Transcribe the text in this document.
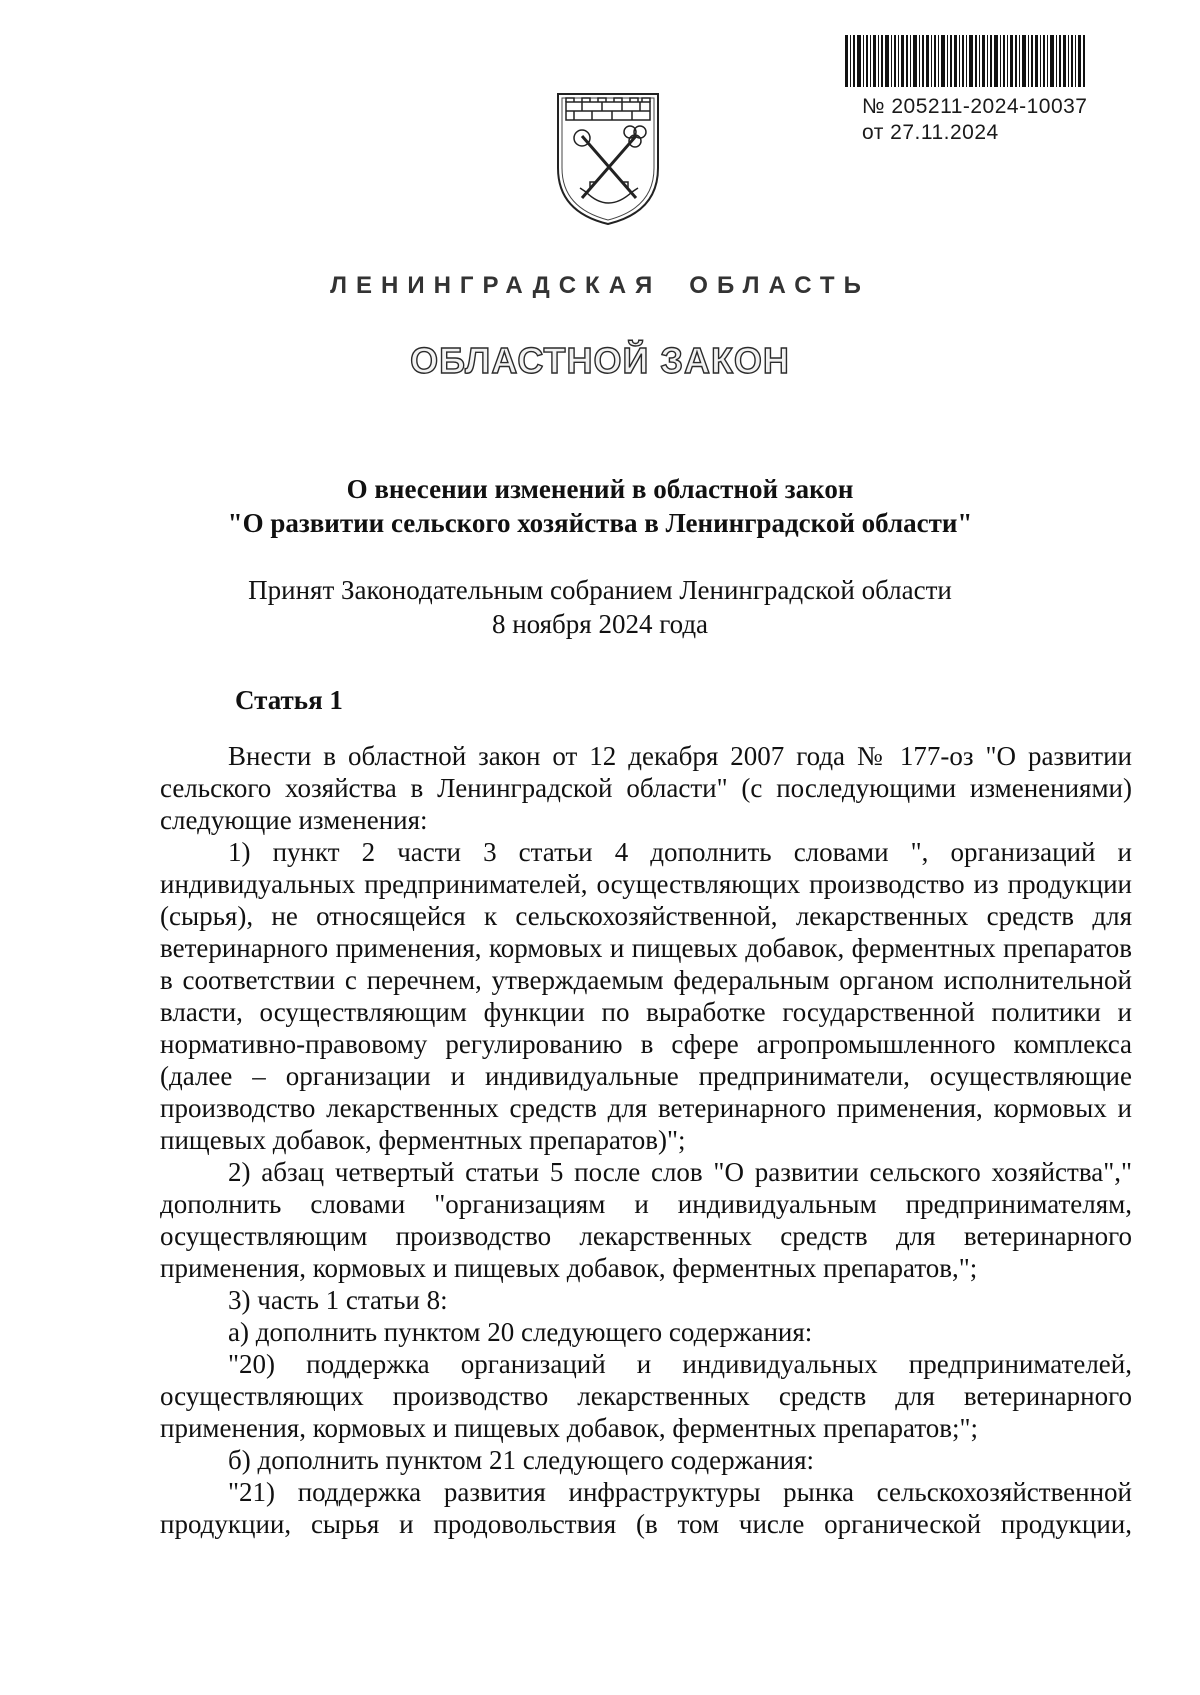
№ 205211-2024-10037
от 27.11.2024
ЛЕНИНГРАДСКАЯ ОБЛАСТЬ
ОБЛАСТНОЙ ЗАКОН
О внесении изменений в областной закон
"О развитии сельского хозяйства в Ленинградской области"
Принят Законодательным собранием Ленинградской области
8 ноября 2024 года
Статья 1

Внести в областной закон от 12 декабря 2007 года № 177-оз "О развитии сельского хозяйства в Ленинградской области" (с последующими изменениями) следующие изменения:

1) пункт 2 части 3 статьи 4 дополнить словами ", организаций и индивидуальных предпринимателей, осуществляющих производство из продукции (сырья), не относящейся к сельскохозяйственной, лекарственных средств для ветеринарного применения, кормовых и пищевых добавок, ферментных препаратов в соответствии с перечнем, утверждаемым федеральным органом исполнительной власти, осуществляющим функции по выработке государственной политики и нормативно-правовому регулированию в сфере агропромышленного комплекса (далее – организации и индивидуальные предприниматели, осуществляющие производство лекарственных средств для ветеринарного применения, кормовых и пищевых добавок, ферментных препаратов)";

2) абзац четвертый статьи 5 после слов "О развитии сельского хозяйства"," дополнить словами "организациям и индивидуальным предпринимателям, осуществляющим производство лекарственных средств для ветеринарного применения, кормовых и пищевых добавок, ферментных препаратов,";

3) часть 1 статьи 8:

а) дополнить пунктом 20 следующего содержания:

"20) поддержка организаций и индивидуальных предпринимателей, осуществляющих производство лекарственных средств для ветеринарного применения, кормовых и пищевых добавок, ферментных препаратов;";

б) дополнить пунктом 21 следующего содержания:

"21) поддержка развития инфраструктуры рынка сельскохозяйственной продукции, сырья и продовольствия (в том числе органической продукции,
